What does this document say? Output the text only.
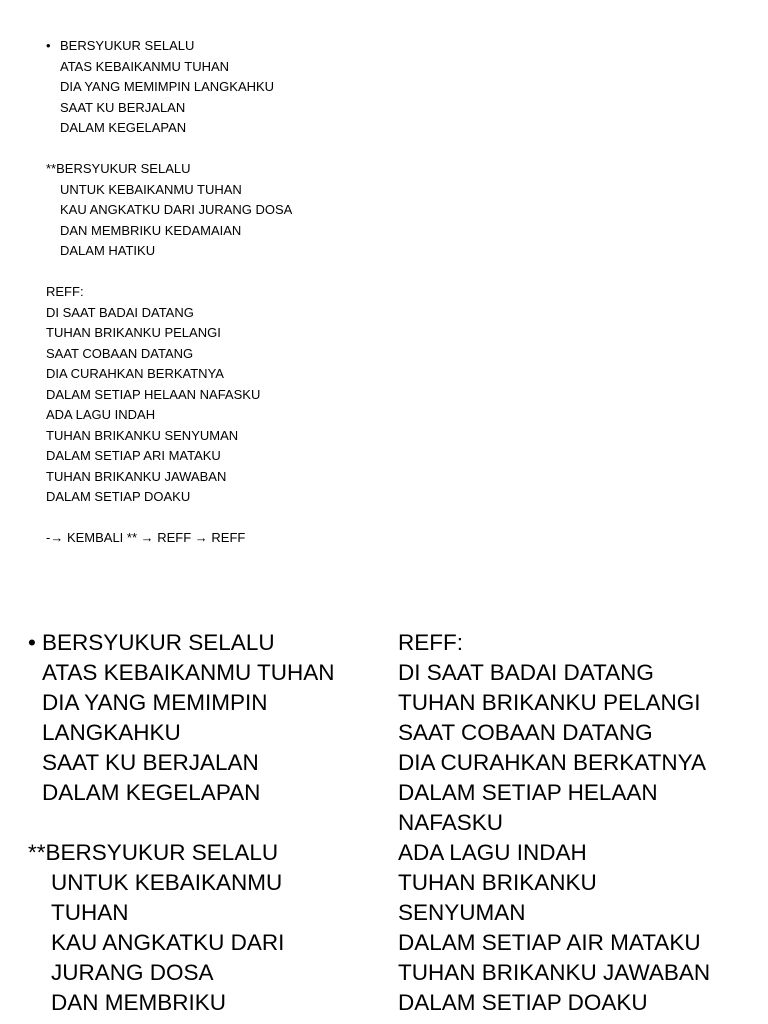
• BERSYUKUR SELALU
ATAS KEBAIKANMU TUHAN
DIA YANG MEMIMPIN LANGKAHKU
SAAT KU BERJALAN
DALAM KEGELAPAN
**BERSYUKUR SELALU
UNTUK KEBAIKANMU TUHAN
KAU ANGKATKU DARI JURANG DOSA
DAN MEMBRIKU KEDAMAIAN
DALAM HATIKU
REFF:
DI SAAT BADAI DATANG
TUHAN BRIKANKU PELANGI
SAAT COBAAN DATANG
DIA CURAHKAN BERKATNYA
DALAM SETIAP HELAAN NAFASKU
ADA LAGU INDAH
TUHAN BRIKANKU SENYUMAN
DALAM SETIAP ARI MATAKU
TUHAN BRIKANKU JAWABAN
DALAM SETIAP DOAKU
-→ KEMBALI ** → REFF → REFF
• BERSYUKUR SELALU
ATAS KEBAIKANMU TUHAN
DIA YANG MEMIMPIN
LANGKAHKU
SAAT KU BERJALAN
DALAM KEGELAPAN
**BERSYUKUR SELALU
UNTUK KEBAIKANMU
TUHAN
KAU ANGKATKU DARI
JURANG DOSA
DAN MEMBRIKU
REFF:
DI SAAT BADAI DATANG
TUHAN BRIKANKU PELANGI
SAAT COBAAN DATANG
DIA CURAHKAN BERKATNYA
DALAM SETIAP HELAAN
NAFASKU
ADA LAGU INDAH
TUHAN BRIKANKU
SENYUMAN
DALAM SETIAP AIR MATAKU
TUHAN BRIKANKU JAWABAN
DALAM SETIAP DOAKU
